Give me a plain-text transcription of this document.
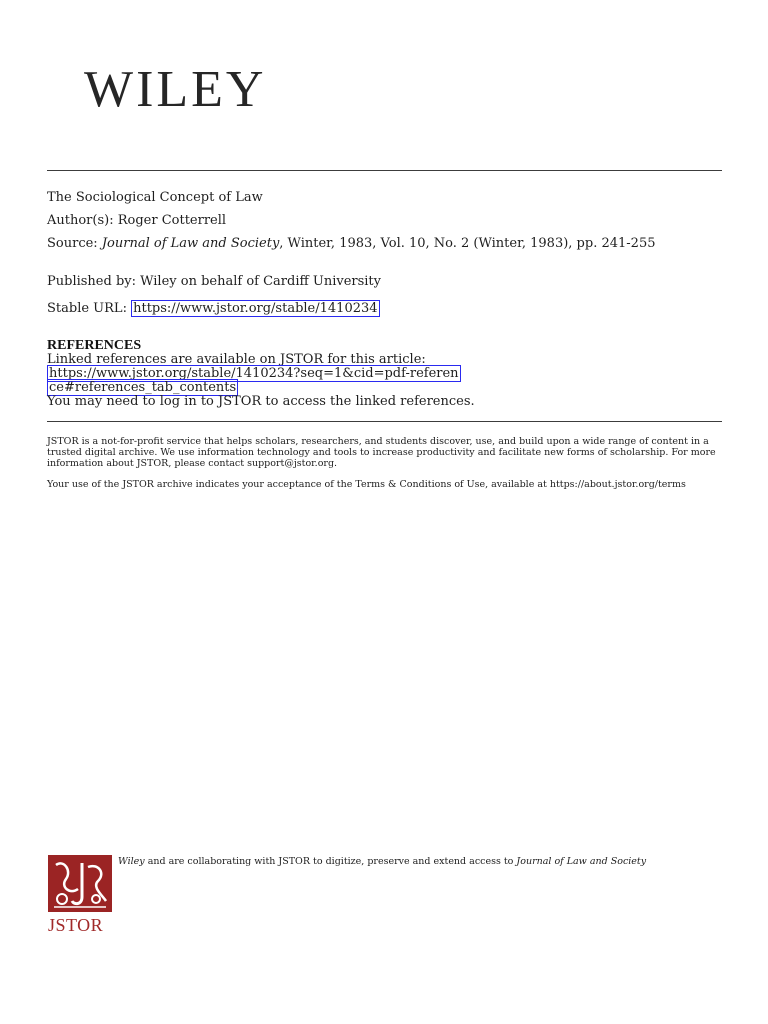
WILEY
The Sociological Concept of Law
Author(s): Roger Cotterrell
Source: Journal of Law and Society, Winter, 1983, Vol. 10, No. 2 (Winter, 1983), pp. 241-255
Published by: Wiley on behalf of Cardiff University
Stable URL: https://www.jstor.org/stable/1410234
REFERENCES
Linked references are available on JSTOR for this article:
https://www.jstor.org/stable/1410234?seq=1&cid=pdf-reference#references_tab_contents
You may need to log in to JSTOR to access the linked references.
JSTOR is a not-for-profit service that helps scholars, researchers, and students discover, use, and build upon a wide range of content in a trusted digital archive. We use information technology and tools to increase productivity and facilitate new forms of scholarship. For more information about JSTOR, please contact support@jstor.org.
Your use of the JSTOR archive indicates your acceptance of the Terms & Conditions of Use, available at https://about.jstor.org/terms
JSTOR
Wiley and are collaborating with JSTOR to digitize, preserve and extend access to Journal of Law and Society
